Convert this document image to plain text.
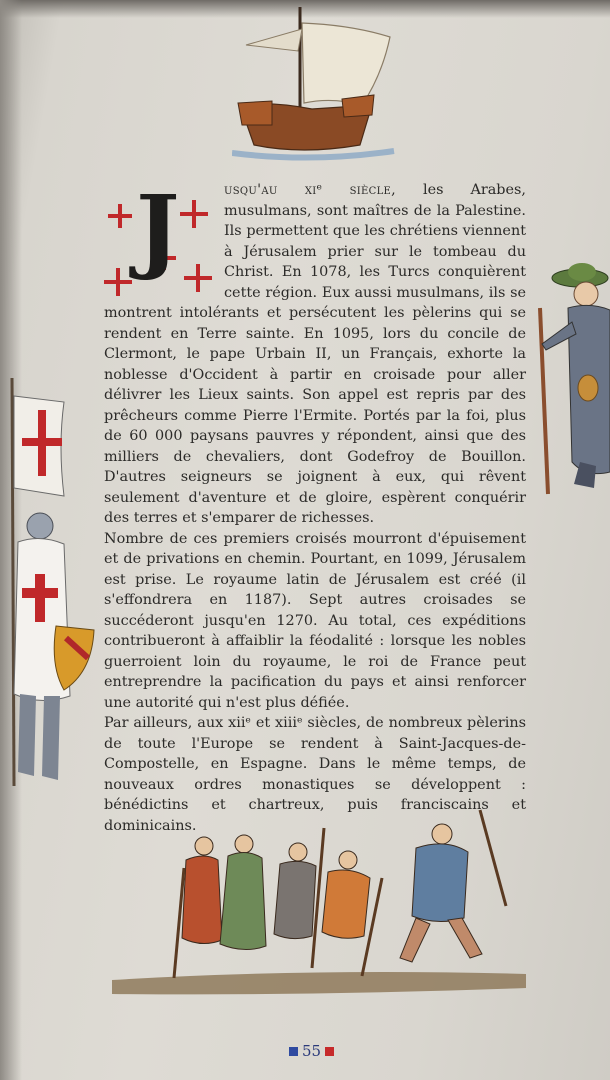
J	usqu'au xiᵉ siècle, les Arabes, musulmans, sont maîtres de la Palestine. Ils permettent que les chrétiens viennent à Jérusalem prier sur le tombeau du Christ. En 1078, les Turcs conquièrent cette région. Eux aussi musulmans, ils se montrent intolérants et persécutent les pèlerins qui se rendent en Terre sainte. En 1095, lors du concile de Clermont, le pape Urbain II, un Français, exhorte la noblesse d'Occident à partir en croisade pour aller délivrer les Lieux saints. Son appel est repris par des prêcheurs comme Pierre l'Ermite. Portés par la foi, plus de 60 000 paysans pauvres y répondent, ainsi que des milliers de chevaliers, dont Godefroy de Bouillon. D'autres seigneurs se joignent à eux, qui rêvent seulement d'aventure et de gloire, espèrent conquérir des terres et s'emparer de richesses.
Nombre de ces premiers croisés mourront d'épuisement et de privations en chemin. Pourtant, en 1099, Jérusalem est prise. Le royaume latin de Jérusalem est créé (il s'effondrera en 1187). Sept autres croisades se succéderont jusqu'en 1270. Au total, ces expéditions contribueront à affaiblir la féodalité : lorsque les nobles guerroient loin du royaume, le roi de France peut entreprendre la pacification du pays et ainsi renforcer une autorité qui n'est plus défiée.
Par ailleurs, aux xiiᵉ et xiiiᵉ siècles, de nombreux pèlerins de toute l'Europe se rendent à Saint-Jacques-de-Compostelle, en Espagne. Dans le même temps, de nouveaux ordres monastiques se développent : bénédictins et chartreux, puis franciscains et dominicains.
55
